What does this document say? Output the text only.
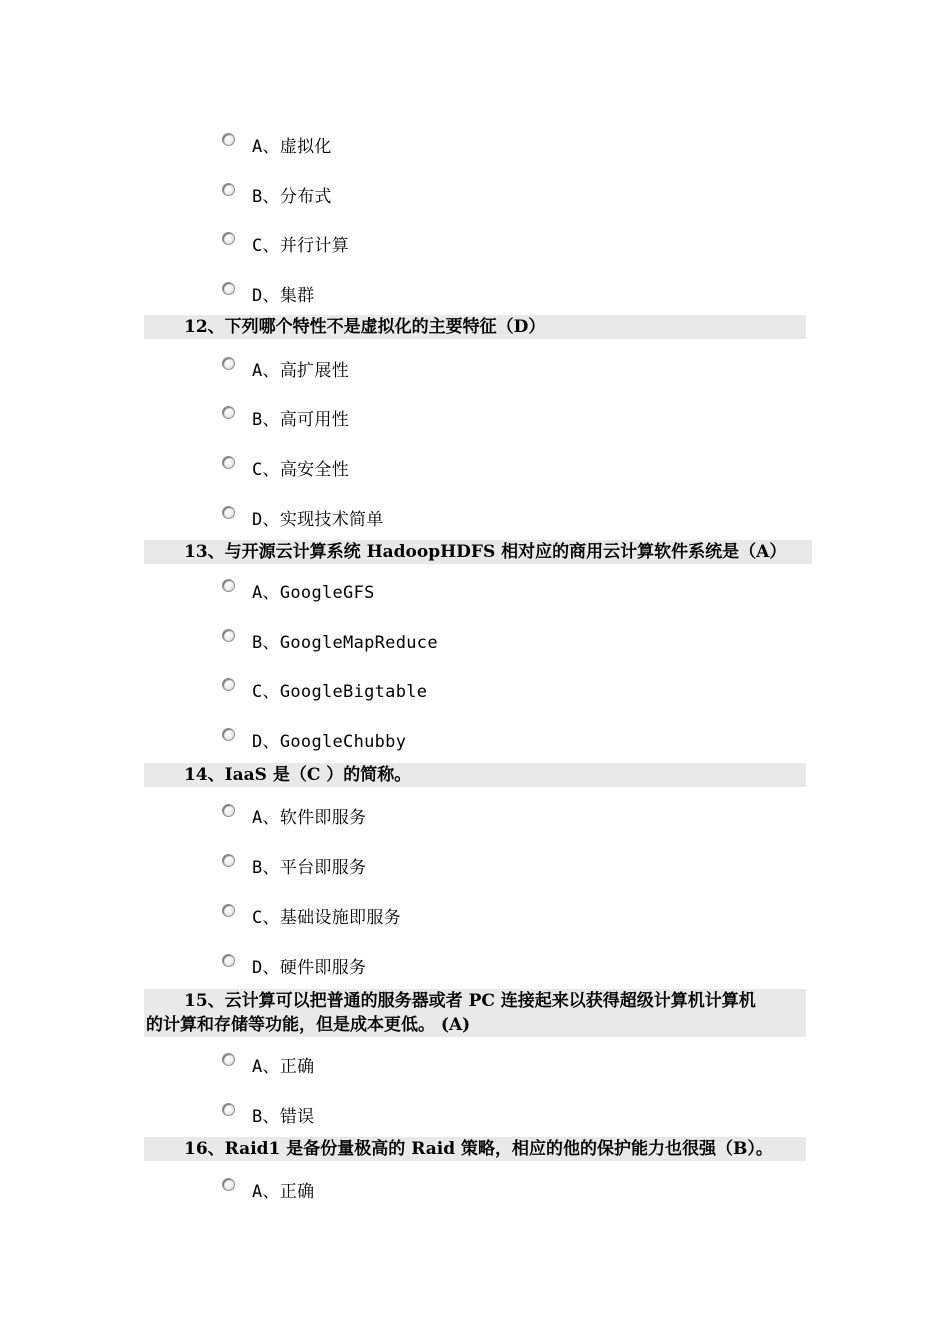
A、虚拟化
B、分布式
C、并行计算
D、集群
12、下列哪个特性不是虚拟化的主要特征（D）
A、高扩展性
B、高可用性
C、高安全性
D、实现技术简单
13、与开源云计算系统 HadoopHDFS 相对应的商用云计算软件系统是（A）
A、GoogleGFS
B、GoogleMapReduce
C、GoogleBigtable
D、GoogleChubby
14、IaaS 是（C ）的简称。
A、软件即服务
B、平台即服务
C、基础设施即服务
D、硬件即服务
15、云计算可以把普通的服务器或者 PC 连接起来以获得超级计算机计算机
的计算和存储等功能，但是成本更低。 (A)
A、正确
B、错误
16、Raid1 是备份量极高的 Raid 策略，相应的他的保护能力也很强（B）。
A、正确
